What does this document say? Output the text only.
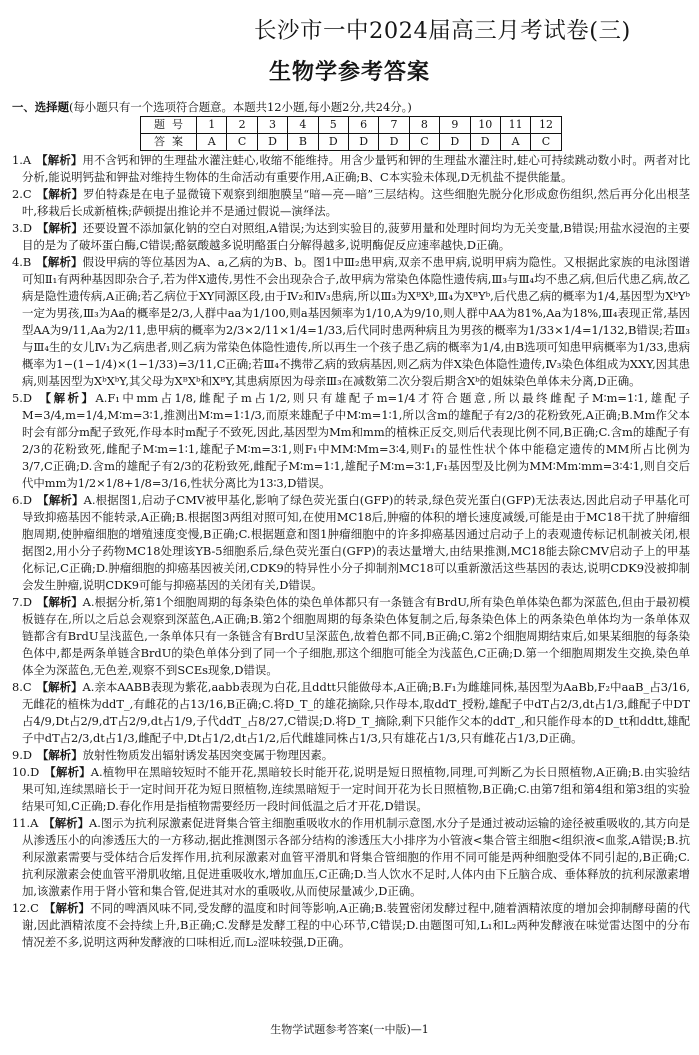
长沙市一中2024届高三月考试卷(三)
生物学参考答案
一、选择题(每小题只有一个选项符合题意。本题共12小题,每小题2分,共24分。)
题号	1	2	3	4	5	6	7	8	9	10	11	12
答案	A	C	D	B	D	D	D	C	D	D	A	C

1.A 【解析】用不含钙和钾的生理盐水灌注蛙心,收缩不能维持。用含少量钙和钾的生理盐水灌注时,蛙心可持续跳动数小时。两者对比分析,能说明钙盐和钾盐对维持生物体的生命活动有重要作用,A正确;B、C本实验未体现,D无机盐不提供能量。

2.C 【解析】罗伯特森是在电子显微镜下观察到细胞膜呈“暗—亮—暗”三层结构。这些细胞先脱分化形成愈伤组织,然后再分化出根茎叶,移栽后长成新植株;萨顿提出推论并不是通过假说—演绎法。

3.D 【解析】还要设置不添加氯化钠的空白对照组,A错误;为达到实验目的,菠萝用量和处理时间均为无关变量,B错误;用盐水浸泡的主要目的是为了破坏蛋白酶,C错误;酪氨酸越多说明酪蛋白分解得越多,说明酶促反应速率越快,D正确。

4.B 【解析】假设甲病的等位基因为A、a,乙病的为B、b。图1中Ⅲ₂患甲病,双亲不患甲病,说明甲病为隐性。又根据此家族的电泳图谱可知Ⅱ₁有两种基因即杂合子,若为伴X遗传,男性不会出现杂合子,故甲病为常染色体隐性遗传病,Ⅲ₃与Ⅲ₄均不患乙病,但后代患乙病,故乙病是隐性遗传病,A正确;若乙病位于XY同源区段,由于Ⅳ₂和Ⅳ₃患病,所以Ⅲ₃为XᴮXᵇ,Ⅲ₄为XᴮYᵇ,后代患乙病的概率为1/4,基因型为XᵇYᵇ一定为男孩,Ⅲ₃为Aa的概率是2/3,人群中aa为1/100,则a基因频率为1/10,A为9/10,则人群中AA为81%,Aa为18%,Ⅲ₄表现正常,基因型AA为9/11,Aa为2/11,患甲病的概率为2/3×2/11×1/4=1/33,后代同时患两种病且为男孩的概率为1/33×1/4=1/132,B错误;若Ⅲ₃与Ⅲ₄生的女儿Ⅳ₁为乙病患者,则乙病为常染色体隐性遗传,所以再生一个孩子患乙病的概率为1/4,由B选项可知患甲病概率为1/33,患病概率为1−(1−1/4)×(1−1/33)=3/11,C正确;若Ⅲ₄不携带乙病的致病基因,则乙病为伴X染色体隐性遗传,Ⅳ₃染色体组成为XXY,因其患病,则基因型为XᵇXᵇY,其父母为XᴮXᵇ和XᴮY,其患病原因为母亲Ⅲ₃在减数第二次分裂后期含Xᵇ的姐妹染色单体未分离,D正确。

5.D 【解析】A.F₁中mm占1/8,雌配子m占1/2,则只有雄配子m=1/4才符合题意,所以最终雌配子M∶m=1∶1,雄配子M=3/4,m=1/4,M∶m=3∶1,推测出M∶m=1∶1/3,而原来雄配子中M∶m=1∶1,所以含m的雄配子有2/3的花粉致死,A正确;B.Mm作父本时会有部分m配子致死,作母本时m配子不致死,因此,基因型为Mm和mm的植株正反交,则后代表现比例不同,B正确;C.含m的雄配子有2/3的花粉致死,雌配子M∶m=1∶1,雄配子M∶m=3∶1,则F₁中MM∶Mm=3∶4,则F₁的显性性状个体中能稳定遗传的MM所占比例为3/7,C正确;D.含m的雄配子有2/3的花粉致死,雌配子M∶m=1∶1,雄配子M∶m=3∶1,F₁基因型及比例为MM∶Mm∶mm=3∶4∶1,则自交后代中mm为1/2×1/8+1/8=3/16,性状分离比为13∶3,D错误。

6.D 【解析】A.根据图1,启动子CMV被甲基化,影响了绿色荧光蛋白(GFP)的转录,绿色荧光蛋白(GFP)无法表达,因此启动子甲基化可导致抑癌基因不能转录,A正确;B.根据图3两组对照可知,在使用MC18后,肿瘤的体积的增长速度减缓,可能是由于MC18干扰了肿瘤细胞周期,使肿瘤细胞的增殖速度变慢,B正确;C.根据题意和图1肿瘤细胞中的许多抑癌基因通过启动子上的表观遗传标记机制被关闭,根据图2,用小分子药物MC18处理该YB-5细胞系后,绿色荧光蛋白(GFP)的表达量增大,由结果推测,MC18能去除CMV启动子上的甲基化标记,C正确;D.肿瘤细胞的抑癌基因被关闭,CDK9的特异性小分子抑制剂MC18可以重新激活这些基因的表达,说明CDK9没被抑制会发生肿瘤,说明CDK9可能与抑癌基因的关闭有关,D错误。

7.D 【解析】A.根据分析,第1个细胞周期的每条染色体的染色单体都只有一条链含有BrdU,所有染色单体染色都为深蓝色,但由于最初模板链存在,所以之后总会观察到深蓝色,A正确;B.第2个细胞周期的每条染色体复制之后,每条染色体上的两条染色单体均为一条单体双链都含有BrdU呈浅蓝色,一条单体只有一条链含有BrdU呈深蓝色,故着色都不同,B正确;C.第2个细胞周期结束后,如果某细胞的每条染色体中,都是两条单链含BrdU的染色单体分到了同一个子细胞,那这个细胞可能全为浅蓝色,C正确;D.第一个细胞周期发生交换,染色单体全为深蓝色,无色差,观察不到SCEs现象,D错误。

8.C 【解析】A.亲本AABB表现为紫花,aabb表现为白花,且ddtt只能做母本,A正确;B.F₁为雌雄同株,基因型为AaBb,F₂中aaB_占3/16,无雌花的植株为ddT_,有雌花的占13/16,B正确;C.将D_T_的雄花摘除,只作母本,取ddT_授粉,雄配子中dT占2/3,dt占1/3,雌配子中DT占4/9,Dt占2/9,dT占2/9,dt占1/9,子代ddT_占8/27,C错误;D.将D_T_摘除,剩下只能作父本的ddT_,和只能作母本的D_tt和ddtt,雄配子中dT占2/3,dt占1/3,雌配子中,Dt占1/2,dt占1/2,后代雌雄同株占1/3,只有雄花占1/3,只有雌花占1/3,D正确。

9.D 【解析】放射性物质发出辐射诱发基因突变属于物理因素。

10.D 【解析】A.植物甲在黑暗较短时不能开花,黑暗较长时能开花,说明是短日照植物,同理,可判断乙为长日照植物,A正确;B.由实验结果可知,连续黑暗长于一定时间开花为短日照植物,连续黑暗短于一定时间开花为长日照植物,B正确;C.由第7组和第4组和第3组的实验结果可知,C正确;D.春化作用是指植物需要经历一段时间低温之后才开花,D错误。

11.A 【解析】A.图示为抗利尿激素促进肾集合管主细胞重吸收水的作用机制示意图,水分子是通过被动运输的途径被重吸收的,其方向是从渗透压小的向渗透压大的一方移动,据此推测图示各部分结构的渗透压大小排序为小管液<集合管主细胞<组织液<血浆,A错误;B.抗利尿激素需要与受体结合后发挥作用,抗利尿激素对血管平滑肌和肾集合管细胞的作用不同可能是两种细胞受体不同引起的,B正确;C.抗利尿激素会使血管平滑肌收缩,且促进重吸收水,增加血压,C正确;D.当人饮水不足时,人体内由下丘脑合成、垂体释放的抗利尿激素增加,该激素作用于肾小管和集合管,促进其对水的重吸收,从而使尿量减少,D正确。

12.C 【解析】不同的啤酒风味不同,受发酵的温度和时间等影响,A正确;B.装置密闭发酵过程中,随着酒精浓度的增加会抑制酵母菌的代谢,因此酒精浓度不会持续上升,B正确;C.发酵是发酵工程的中心环节,C错误;D.由题图可知,L₁和L₂两种发酵液在味觉雷达图中的分布情况差不多,说明这两种发酵液的口味相近,而L₂涩味较强,D正确。

生物学试题参考答案(一中版)—1
